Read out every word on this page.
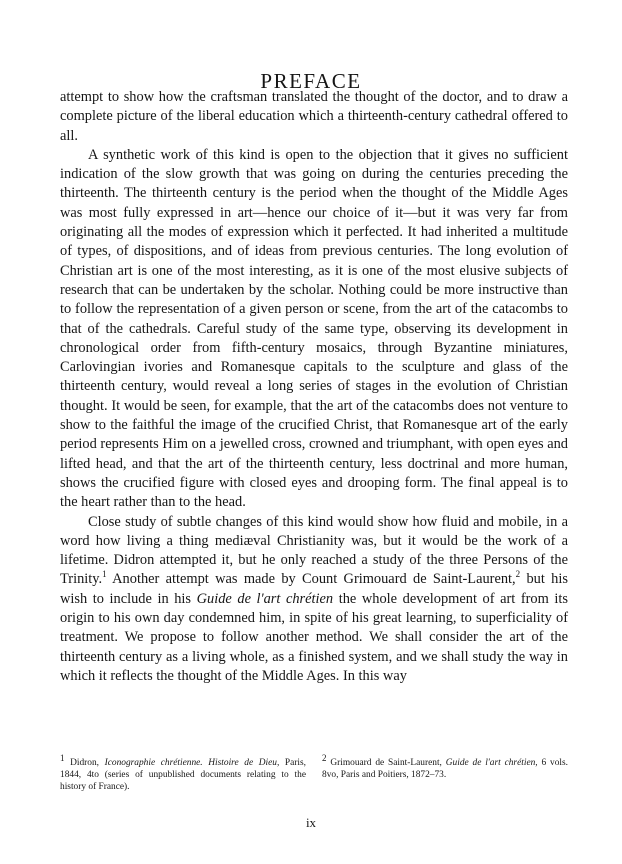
PREFACE

attempt to show how the craftsman translated the thought of the doctor, and to draw a complete picture of the liberal education which a thirteenth-century cathedral offered to all.

A synthetic work of this kind is open to the objection that it gives no sufficient indication of the slow growth that was going on during the centuries preceding the thirteenth. The thirteenth century is the period when the thought of the Middle Ages was most fully expressed in art—hence our choice of it—but it was very far from originating all the modes of expression which it perfected. It had inherited a multitude of types, of dispositions, and of ideas from previous centuries. The long evolution of Christian art is one of the most interesting, as it is one of the most elusive subjects of research that can be undertaken by the scholar. Nothing could be more instructive than to follow the representation of a given person or scene, from the art of the catacombs to that of the cathedrals. Careful study of the same type, observing its development in chronological order from fifth-century mosaics, through Byzantine miniatures, Carlovingian ivories and Romanesque capitals to the sculpture and glass of the thirteenth century, would reveal a long series of stages in the evolution of Christian thought. It would be seen, for example, that the art of the catacombs does not venture to show to the faithful the image of the crucified Christ, that Romanesque art of the early period represents Him on a jewelled cross, crowned and triumphant, with open eyes and lifted head, and that the art of the thirteenth century, less doctrinal and more human, shows the crucified figure with closed eyes and drooping form. The final appeal is to the heart rather than to the head.

Close study of subtle changes of this kind would show how fluid and mobile, in a word how living a thing mediæval Christianity was, but it would be the work of a lifetime. Didron attempted it, but he only reached a study of the three Persons of the Trinity.$^1$ Another attempt was made by Count Grimouard de Saint-Laurent,$^2$ but his wish to include in his Guide de l'art chrétien the whole development of art from its origin to his own day condemned him, in spite of his great learning, to superficiality of treatment. We propose to follow another method. We shall consider the art of the thirteenth century as a living whole, as a finished system, and we shall study the way in which it reflects the thought of the Middle Ages. In this way

$^1$ Didron, Iconographie chrétienne. Histoire de Dieu, Paris, 1844, 4to (series of unpublished documents relating to the history of France).
$^2$ Grimouard de Saint-Laurent, Guide de l'art chrétien, 6 vols. 8vo, Paris and Poitiers, 1872–73.
ix
